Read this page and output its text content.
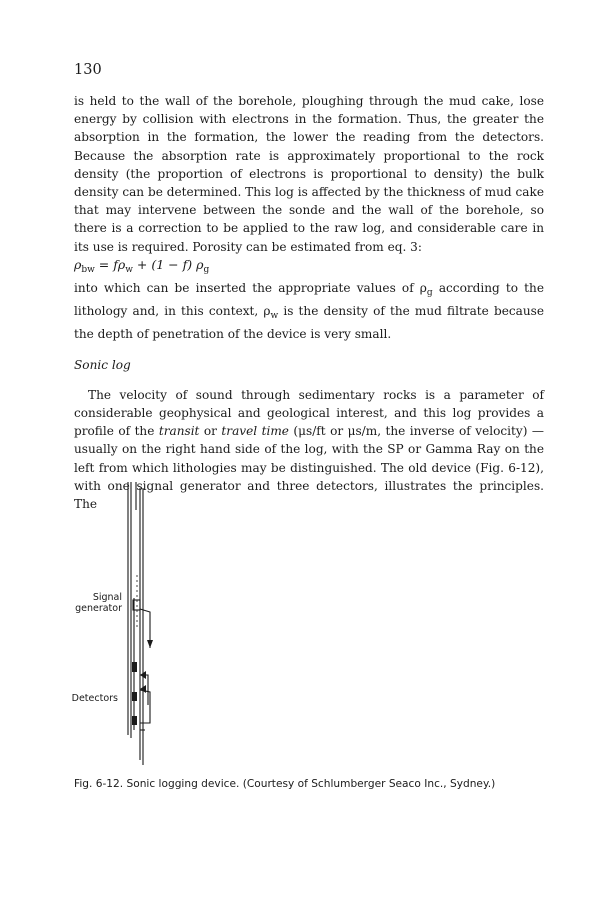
130

is held to the wall of the borehole, ploughing through the mud cake, lose energy by collision with electrons in the formation. Thus, the greater the absorption in the formation, the lower the reading from the detectors. Because the absorption rate is approximately proportional to the rock density (the proportion of electrons is proportional to density) the bulk density can be determined. This log is affected by the thickness of mud cake that may intervene between the sonde and the wall of the borehole, so there is a correction to be applied to the raw log, and considerable care in its use is required. Porosity can be estimated from eq. 3:

$\rho_{bw} = f\rho_w + (1 - f)$ $\rho_g$

into which can be inserted the appropriate values of $\rho_g$ according to the lithology and, in this context, $\rho_w$ is the density of the mud filtrate because the depth of penetration of the device is very small.

Sonic log

The velocity of sound through sedimentary rocks is a parameter of considerable geophysical and geological interest, and this log provides a profile of the transit or travel time (μs/ft or μs/m, the inverse of velocity) — usually on the right hand side of the log, with the SP or Gamma Ray on the left from which lithologies may be distinguished. The old device (Fig. 6-12), with one signal generator and three detectors, illustrates the principles. The

Signal
generator
Detectors
Fig. 6-12. Sonic logging device. (Courtesy of Schlumberger Seaco Inc., Sydney.)
